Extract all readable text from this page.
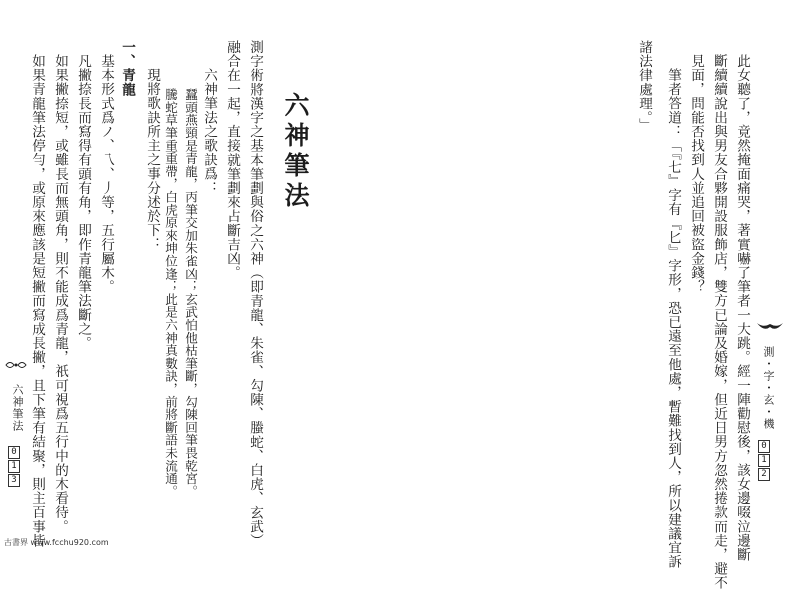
此女聽了，竟然掩面痛哭，著實嚇了筆者一大跳。經一陣勸慰後，該女邊啜泣邊斷
斷續續說出與男友合夥開設服飾店，雙方已論及婚嫁，但近日男方忽然捲款而走，避不
見面，問能否找到人並追回被盜金錢？
筆者答道：「『七』字有『匕』字形，恐已遠至他處，暫難找到人，所以建議宜訴
諸法律處理。」
測・字・玄・機
0
1
2
六神筆法
測字術將漢字之基本筆劃與俗之六神（即青龍、朱雀、勾陳、螣蛇、白虎、玄武）
融合在一起，直接就筆劃來占斷吉凶。
六神筆法之歌訣爲：
蠶頭燕頸是青龍，丙筆交加朱雀凶；玄武怕他枯筆斷，勾陳回筆畏乾宮。
騰蛇草筆重重帶，白虎原來坤位逢；此是六神真數訣，前將斷語未流通。
現將歌訣所主之事分述於下：
一、青龍
基本形式爲ノ、乁、丿等，五行屬木。
凡撇捺長而寫得有頭有角，即作青龍筆法斷之。
如果撇捺短，或雖長而無頭角，則不能成爲青龍，祇可視爲五行中的木看待。
如果青龍筆法停勻，或原來應該是短撇而寫成長撇，且下筆有結聚，則主百事皆
六神筆法
0
1
3
古書界 www.fcchu920.com
